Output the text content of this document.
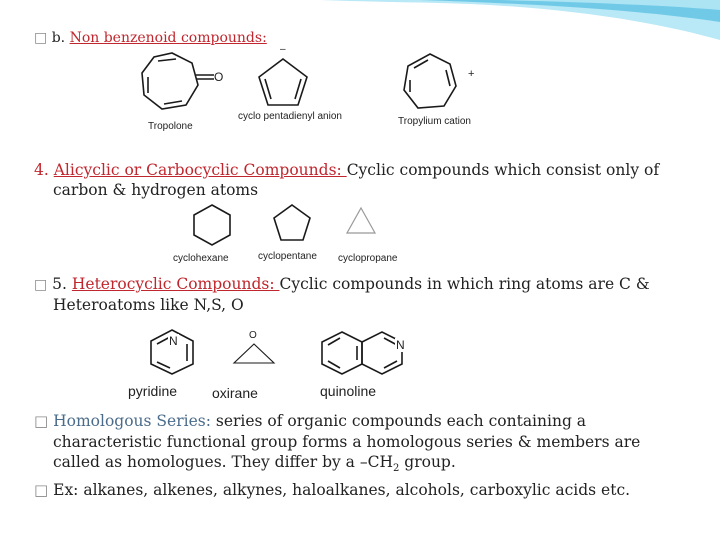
□ b. Non benzenoid compounds:
O
Tropolone
–
cyclo pentadienyl anion
+
Tropylium cation
4. Alicyclic or Carbocyclic Compounds: Cyclic compounds which consist only of
carbon & hydrogen atoms
cyclohexane	cyclopentane cyclopropane
□ 5. Heterocyclic Compounds: Cyclic compounds in which ring atoms are C &
Heteroatoms like N,S, O
N
pyridine
O
oxirane
N
quinoline
□ Homologous Series: series of organic compounds each containing a
characteristic functional group forms a homologous series & members are
called as homologues. They differ by a $-CH_2$ group.
□ Ex: alkanes, alkenes, alkynes, haloalkanes, alcohols, carboxylic acids etc.
